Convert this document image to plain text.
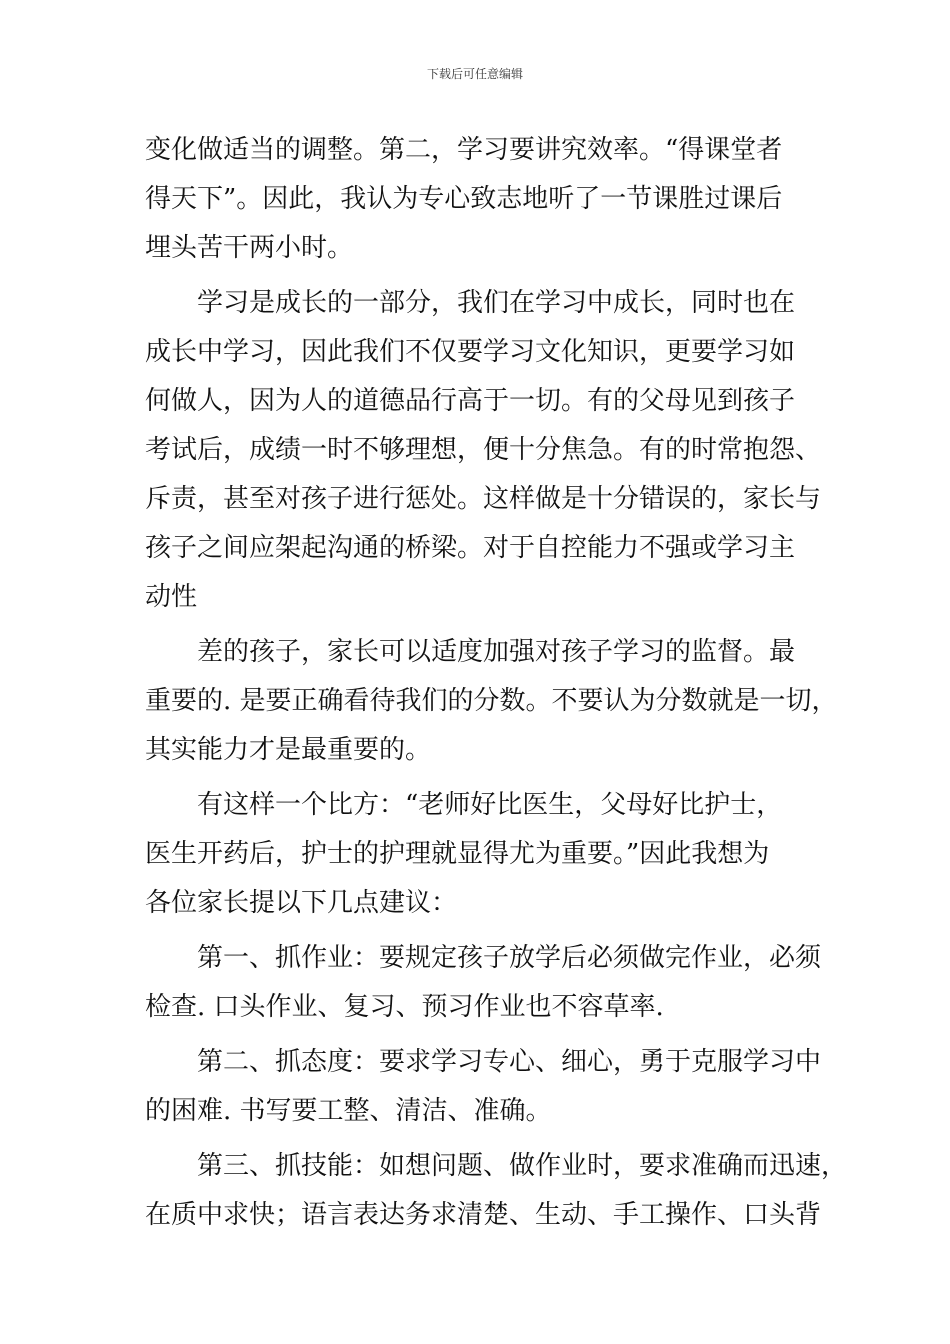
下载后可任意编辑
变化做适当的调整。第二，学习要讲究效率。“得课堂者
得天下”。因此，我认为专心致志地听了一节课胜过课后
埋头苦干两小时。
学习是成长的一部分，我们在学习中成长，同时也在
成长中学习，因此我们不仅要学习文化知识，更要学习如
何做人，因为人的道德品行高于一切。有的父母见到孩子
考试后，成绩一时不够理想，便十分焦急。有的时常抱怨、
斥责，甚至对孩子进行惩处。这样做是十分错误的，家长与
孩子之间应架起沟通的桥梁。对于自控能力不强或学习主
动性
差的孩子，家长可以适度加强对孩子学习的监督。最
重要的. 是要正确看待我们的分数。不要认为分数就是一切，
其实能力才是最重要的。
有这样一个比方：“老师好比医生，父母好比护士，
医生开药后，护士的护理就显得尤为重要。”因此我想为
各位家长提以下几点建议：
第一、抓作业：要规定孩子放学后必须做完作业，必须
检查. 口头作业、复习、预习作业也不容草率.
第二、抓态度：要求学习专心、细心，勇于克服学习中
的困难. 书写要工整、清洁、准确。
第三、抓技能：如想问题、做作业时，要求准确而迅速，
在质中求快；语言表达务求清楚、生动、手工操作、口头背
